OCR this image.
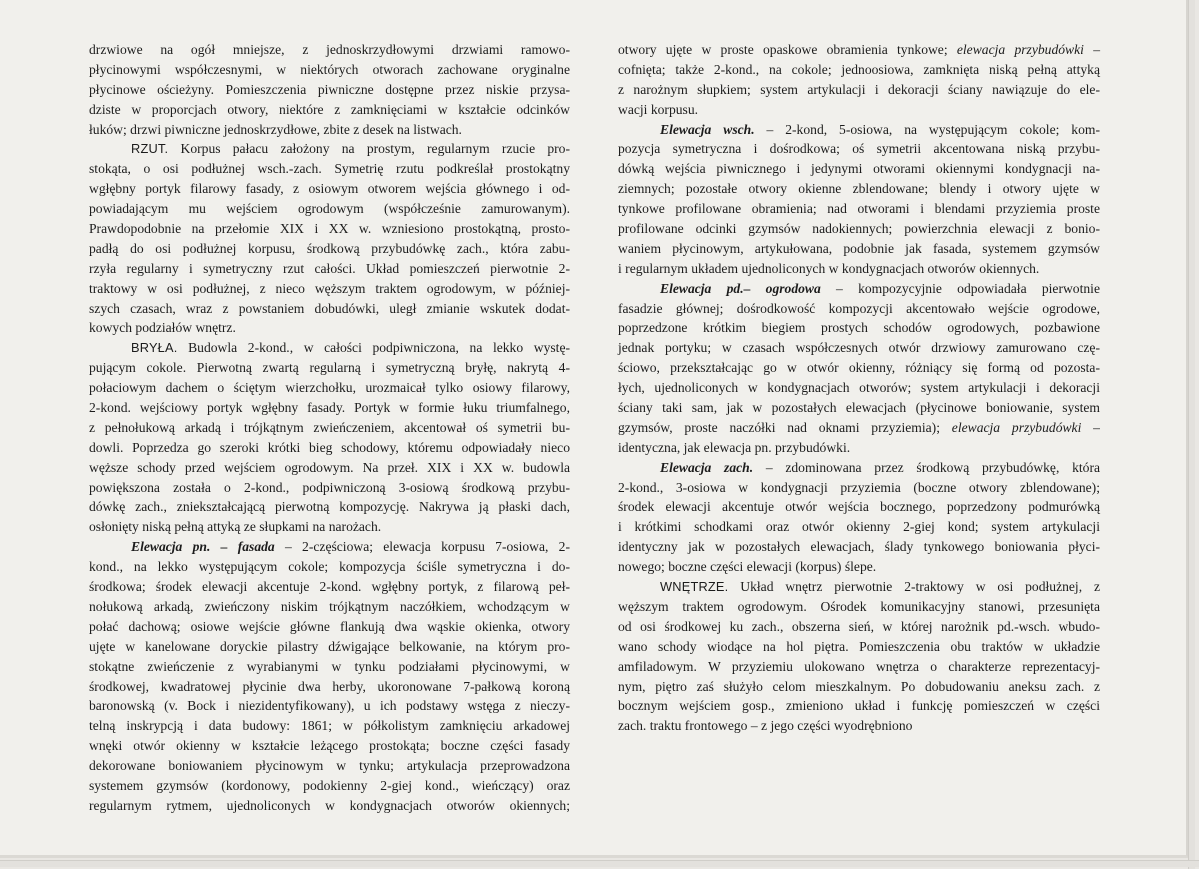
drzwiowe na ogół mniejsze, z jednoskrzydłowymi drzwiami ramowo-
płycinowymi współczesnymi, w niektórych otworach zachowane oryginalne
płycinowe ościeżyny. Pomieszczenia piwniczne dostępne przez niskie przysa-
dziste w proporcjach otwory, niektóre z zamknięciami w kształcie odcinków
łuków; drzwi piwniczne jednoskrzydłowe, zbite z desek na listwach.
RZUT. Korpus pałacu założony na prostym, regularnym rzucie pro-
stokąta, o osi podłużnej wsch.-zach. Symetrię rzutu podkreślał prostokątny
wgłębny portyk filarowy fasady, z osiowym otworem wejścia głównego i od-
powiadającym mu wejściem ogrodowym (współcześnie zamurowanym).
Prawdopodobnie na przełomie XIX i XX w. wzniesiono prostokątną, prosto-
padłą do osi podłużnej korpusu, środkową przybudówkę zach., która zabu-
rzyła regularny i symetryczny rzut całości. Układ pomieszczeń pierwotnie 2-
traktowy w osi podłużnej, z nieco węższym traktem ogrodowym, w później-
szych czasach, wraz z powstaniem dobudówki, uległ zmianie wskutek dodat-
kowych podziałów wnętrz.
BRYŁA. Budowla 2-kond., w całości podpiwniczona, na lekko wystę-
pującym cokole. Pierwotną zwartą regularną i symetryczną bryłę, nakrytą 4-
połaciowym dachem o ściętym wierzchołku, urozmaicał tylko osiowy filarowy,
2-kond. wejściowy portyk wgłębny fasady. Portyk w formie łuku triumfalnego,
z pełnołukową arkadą i trójkątnym zwieńczeniem, akcentował oś symetrii bu-
dowli. Poprzedza go szeroki krótki bieg schodowy, któremu odpowiadały nieco
węższe schody przed wejściem ogrodowym. Na przeł. XIX i XX w. budowla
powiększona została o 2-kond., podpiwniczoną 3-osiową środkową przybu-
dówkę zach., zniekształcającą pierwotną kompozycję. Nakrywa ją płaski dach,
osłonięty niską pełną attyką ze słupkami na narożach.
Elewacja pn. – fasada – 2-częściowa; elewacja korpusu 7-osiowa, 2-
kond., na lekko występującym cokole; kompozycja ściśle symetryczna i do-
środkowa; środek elewacji akcentuje 2-kond. wgłębny portyk, z filarową peł-
nołukową arkadą, zwieńczony niskim trójkątnym naczółkiem, wchodzącym w
połać dachową; osiowe wejście główne flankują dwa wąskie okienka, otwory
ujęte w kanelowane doryckie pilastry dźwigające belkowanie, na którym pro-
stokątne zwieńczenie z wyrabianymi w tynku podziałami płycinowymi, w
środkowej, kwadratowej płycinie dwa herby, ukoronowane 7-pałkową koroną
baronowską (v. Bock i niezidentyfikowany), u ich podstawy wstęga z nieczy-
telną inskrypcją i data budowy: 1861; w półkolistym zamknięciu arkadowej
wnęki otwór okienny w kształcie leżącego prostokąta; boczne części fasady
dekorowane boniowaniem płycinowym w tynku; artykulacja przeprowadzona
systemem gzymsów (kordonowy, podokienny 2-giej kond., wieńczący) oraz
regularnym rytmem, ujednoliconych w kondygnacjach otworów okiennych;
otwory ujęte w proste opaskowe obramienia tynkowe; elewacja przybudówki –
cofnięta; także 2-kond., na cokole; jednoosiowa, zamknięta niską pełną attyką
z narożnym słupkiem; system artykulacji i dekoracji ściany nawiązuje do ele-
wacji korpusu.
Elewacja wsch. – 2-kond, 5-osiowa, na występującym cokole; kom-
pozycja symetryczna i dośrodkowa; oś symetrii akcentowana niską przybu-
dówką wejścia piwnicznego i jedynymi otworami okiennymi kondygnacji na-
ziemnych; pozostałe otwory okienne zblendowane; blendy i otwory ujęte w
tynkowe profilowane obramienia; nad otworami i blendami przyziemia proste
profilowane odcinki gzymsów nadokiennych; powierzchnia elewacji z bonio-
waniem płycinowym, artykułowana, podobnie jak fasada, systemem gzymsów
i regularnym układem ujednoliconych w kondygnacjach otworów okiennych.
Elewacja pd.– ogrodowa – kompozycyjnie odpowiadała pierwotnie
fasadzie głównej; dośrodkowość kompozycji akcentowało wejście ogrodowe,
poprzedzone krótkim biegiem prostych schodów ogrodowych, pozbawione
jednak portyku; w czasach współczesnych otwór drzwiowy zamurowano czę-
ściowo, przekształcając go w otwór okienny, różniący się formą od pozosta-
łych, ujednoliconych w kondygnacjach otworów; system artykulacji i dekoracji
ściany taki sam, jak w pozostałych elewacjach (płycinowe boniowanie, system
gzymsów, proste naczółki nad oknami przyziemia); elewacja przybudówki –
identyczna, jak elewacja pn. przybudówki.
Elewacja zach. – zdominowana przez środkową przybudówkę, która
2-kond., 3-osiowa w kondygnacji przyziemia (boczne otwory zblendowane);
środek elewacji akcentuje otwór wejścia bocznego, poprzedzony podmurówką
i krótkimi schodkami oraz otwór okienny 2-giej kond; system artykulacji
identyczny jak w pozostałych elewacjach, ślady tynkowego boniowania płyci-
nowego; boczne części elewacji (korpus) ślepe.
WNĘTRZE. Układ wnętrz pierwotnie 2-traktowy w osi podłużnej, z
węższym traktem ogrodowym. Ośrodek komunikacyjny stanowi, przesunięta
od osi środkowej ku zach., obszerna sień, w której narożnik pd.-wsch. wbudo-
wano schody wiodące na hol piętra. Pomieszczenia obu traktów w układzie
amfiladowym. W przyziemiu ulokowano wnętrza o charakterze reprezentacyj-
nym, piętro zaś służyło celom mieszkalnym. Po dobudowaniu aneksu zach. z
bocznym wejściem gosp., zmieniono układ i funkcję pomieszczeń w części
zach. traktu frontowego – z jego części wyodrębniono
